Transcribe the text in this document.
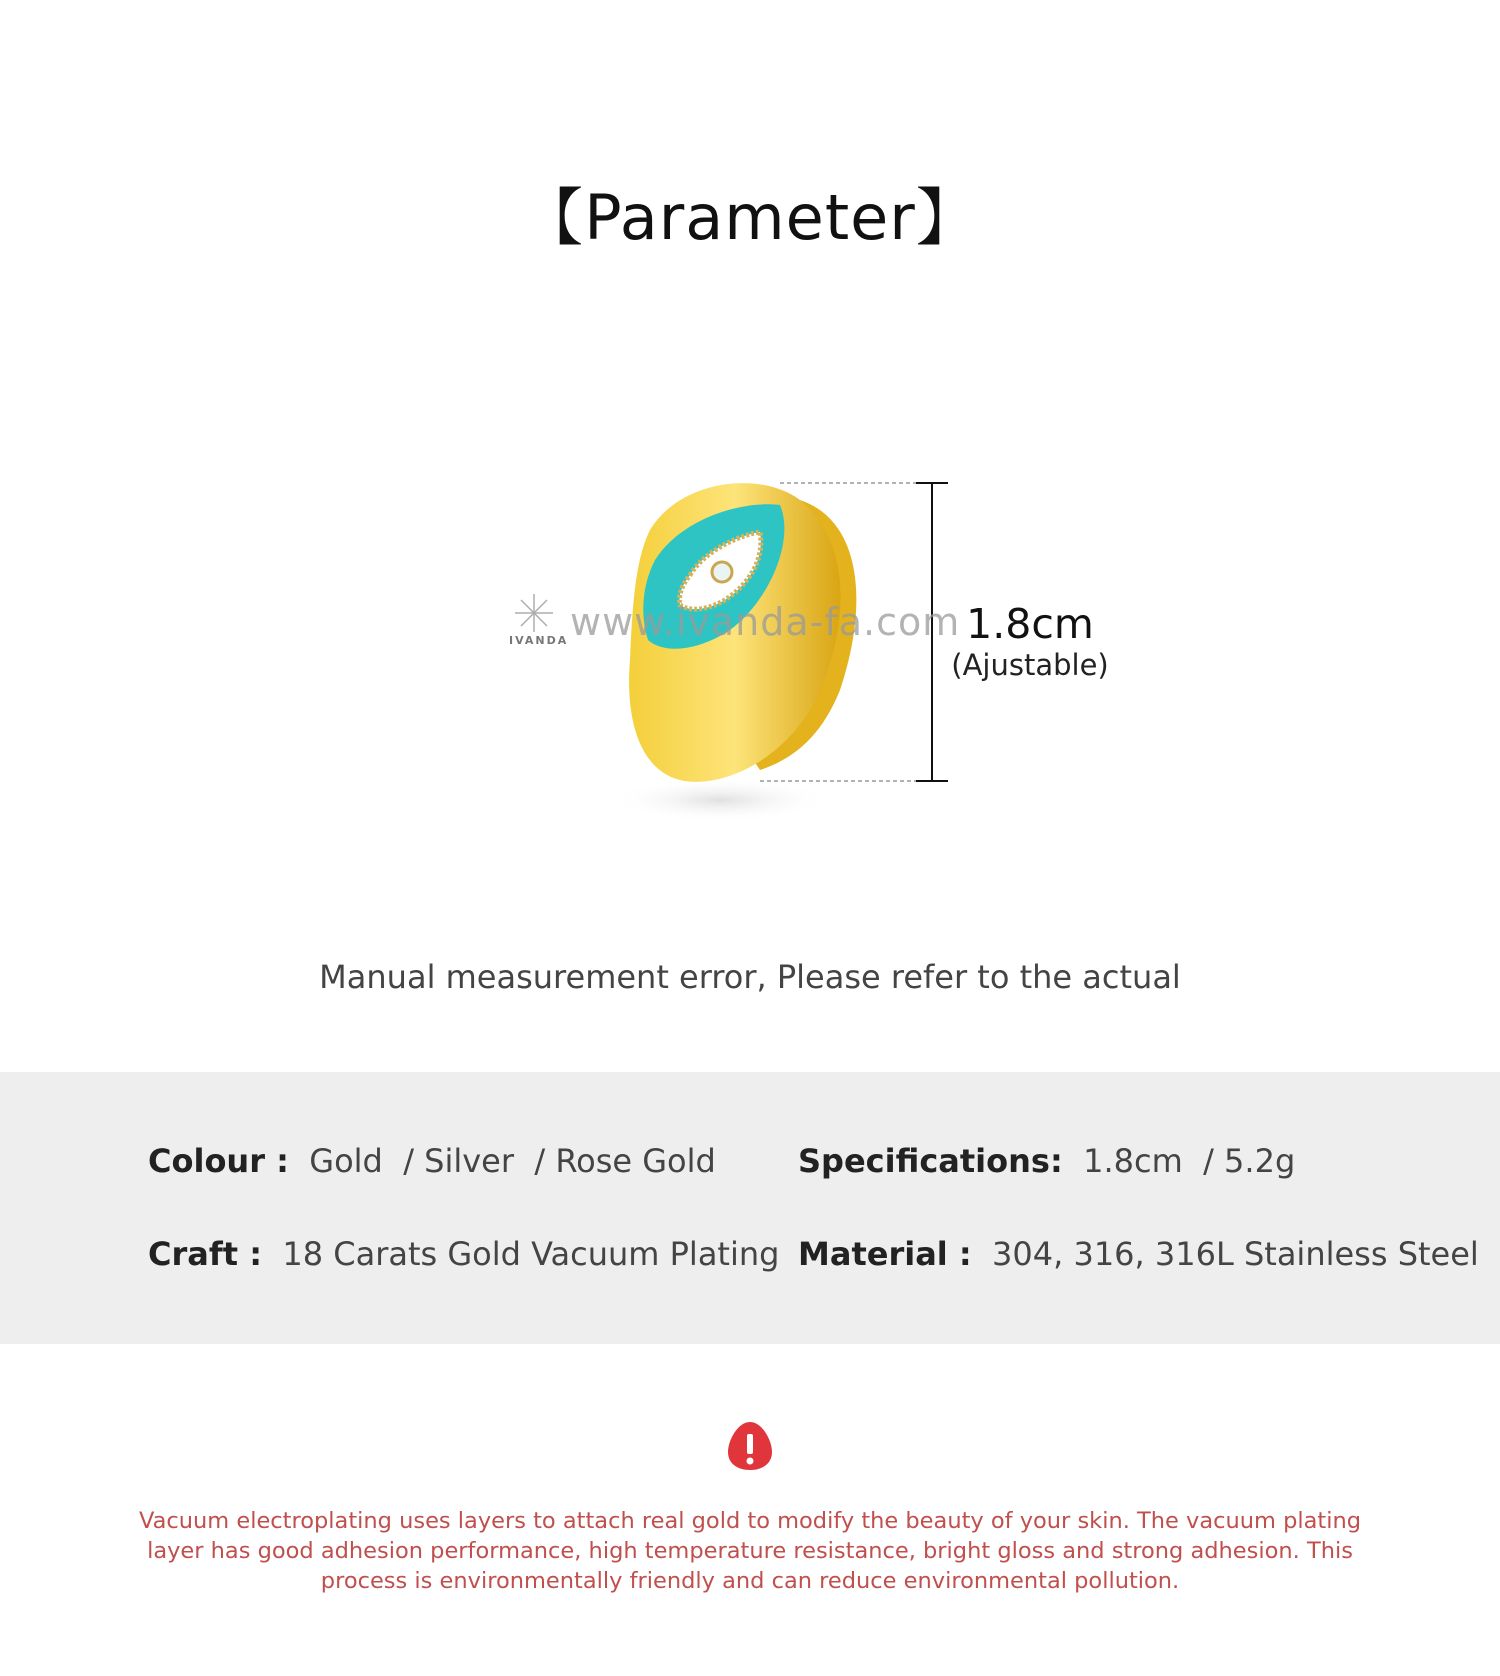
【Parameter】
www.ivanda-fa.com
IVANDA	1.8cm
(Ajustable)
Manual measurement error, Please refer to the actual
Colour : Gold  / Silver  / Rose Gold	Specifications: 1.8cm  / 5.2g
Craft : 18 Carats Gold Vacuum Plating Material : 304, 316, 316L Stainless Steel
Vacuum electroplating uses layers to attach real gold to modify the beauty of your skin. The vacuum plating layer has good adhesion performance, high temperature resistance, bright gloss and strong adhesion. This process is environmentally friendly and can reduce environmental pollution.
